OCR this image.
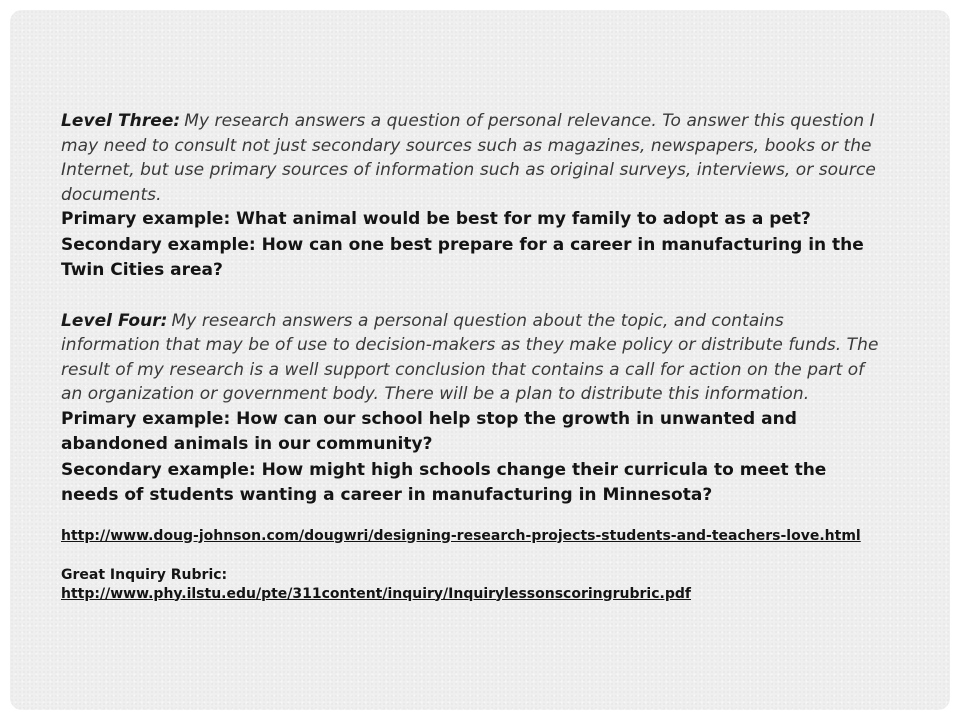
Level Three: My research answers a question of personal relevance. To answer this question I may need to consult not just secondary sources such as magazines, newspapers, books or the Internet, but use primary sources of information such as original surveys, interviews, or source documents.

Primary example: What animal would be best for my family to adopt as a pet?

Secondary example: How can one best prepare for a career in manufacturing in the Twin Cities area?

Level Four: My research answers a personal question about the topic, and contains information that may be of use to decision-makers as they make policy or distribute funds. The result of my research is a well support conclusion that contains a call for action on the part of an organization or government body. There will be a plan to distribute this information.

Primary example: How can our school help stop the growth in unwanted and abandoned animals in our community?

Secondary example: How might high schools change their curricula to meet the needs of students wanting a career in manufacturing in Minnesota?

http://www.doug-johnson.com/dougwri/designing-research-projects-students-and-teachers-love.html
Great Inquiry Rubric:
http://www.phy.ilstu.edu/pte/311content/inquiry/Inquirylessonscoringrubric.pdf
